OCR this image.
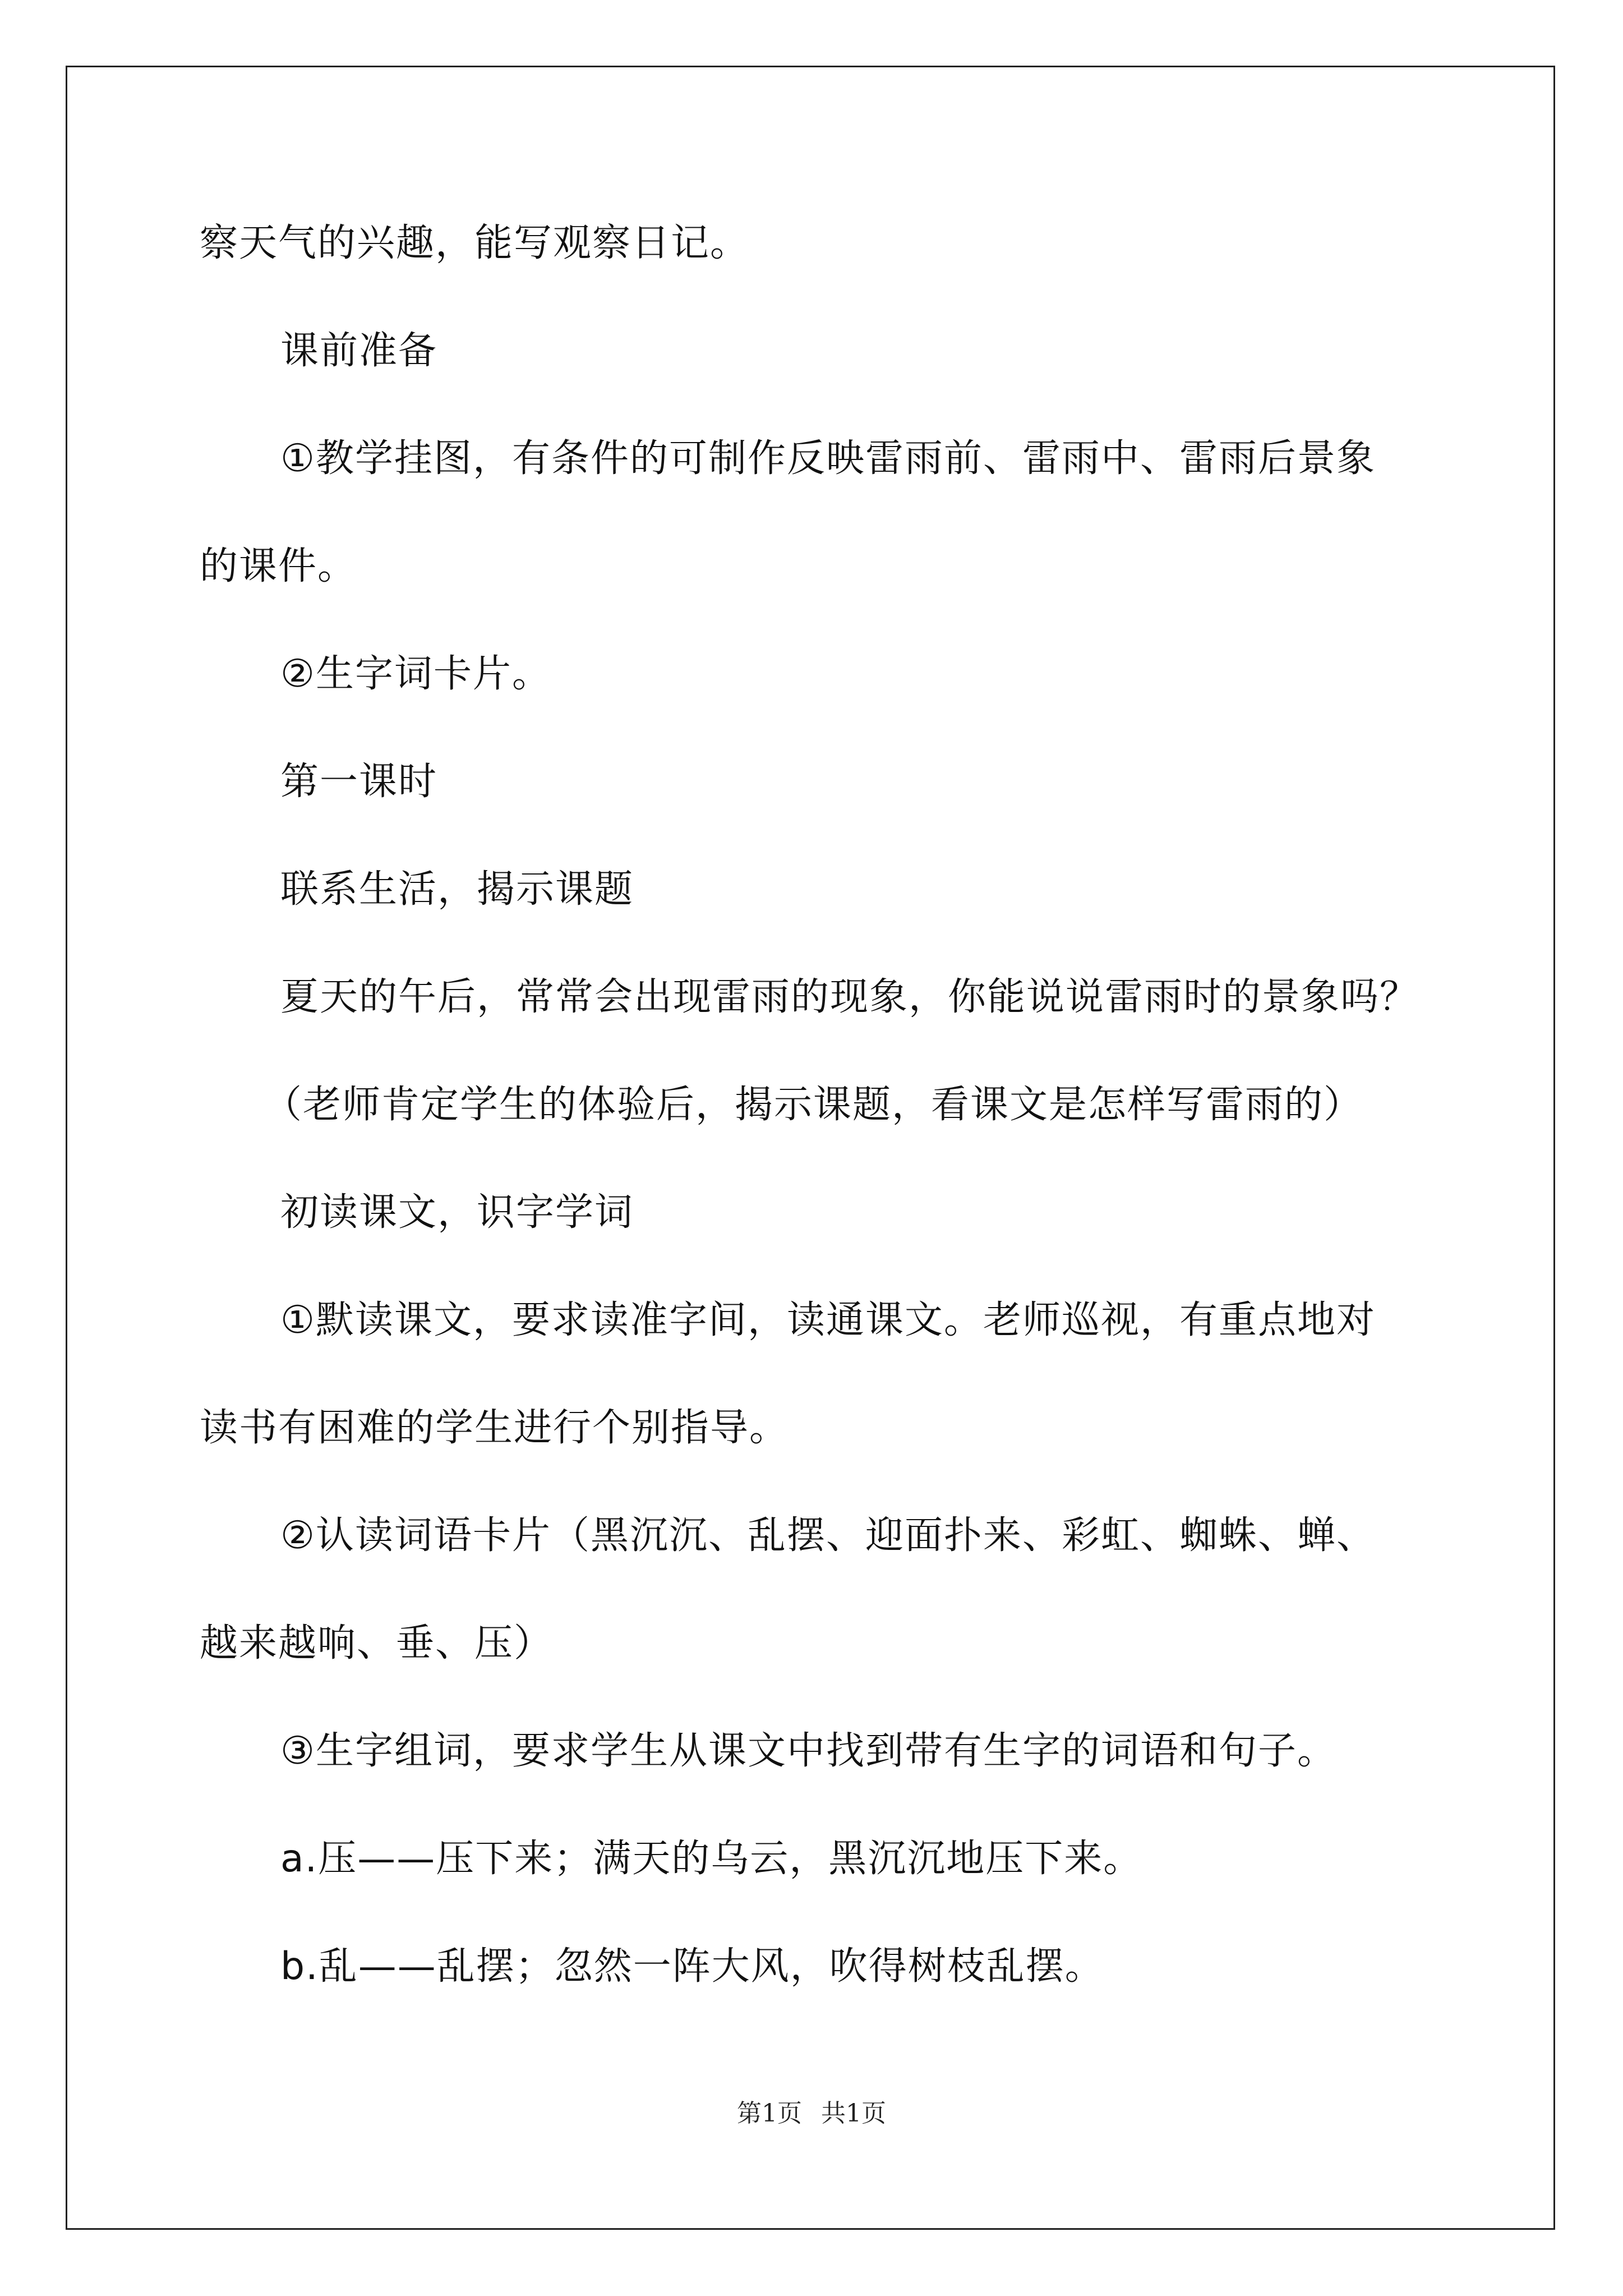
察天气的兴趣，能写观察日记。

课前准备

①教学挂图，有条件的可制作反映雷雨前、雷雨中、雷雨后景象

的课件。

②生字词卡片。

第一课时

联系生活，揭示课题

夏天的午后，常常会出现雷雨的现象，你能说说雷雨时的景象吗？

（老师肯定学生的体验后，揭示课题，看课文是怎样写雷雨的）

初读课文，识字学词

①默读课文，要求读准字间，读通课文。老师巡视，有重点地对

读书有困难的学生进行个别指导。

②认读词语卡片（黑沉沉、乱摆、迎面扑来、彩虹、蜘蛛、蝉、

越来越响、垂、压）

③生字组词，要求学生从课文中找到带有生字的词语和句子。

a.压——压下来；满天的乌云，黑沉沉地压下来。

b.乱——乱摆；忽然一阵大风，吹得树枝乱摆。

第1页 共1页
